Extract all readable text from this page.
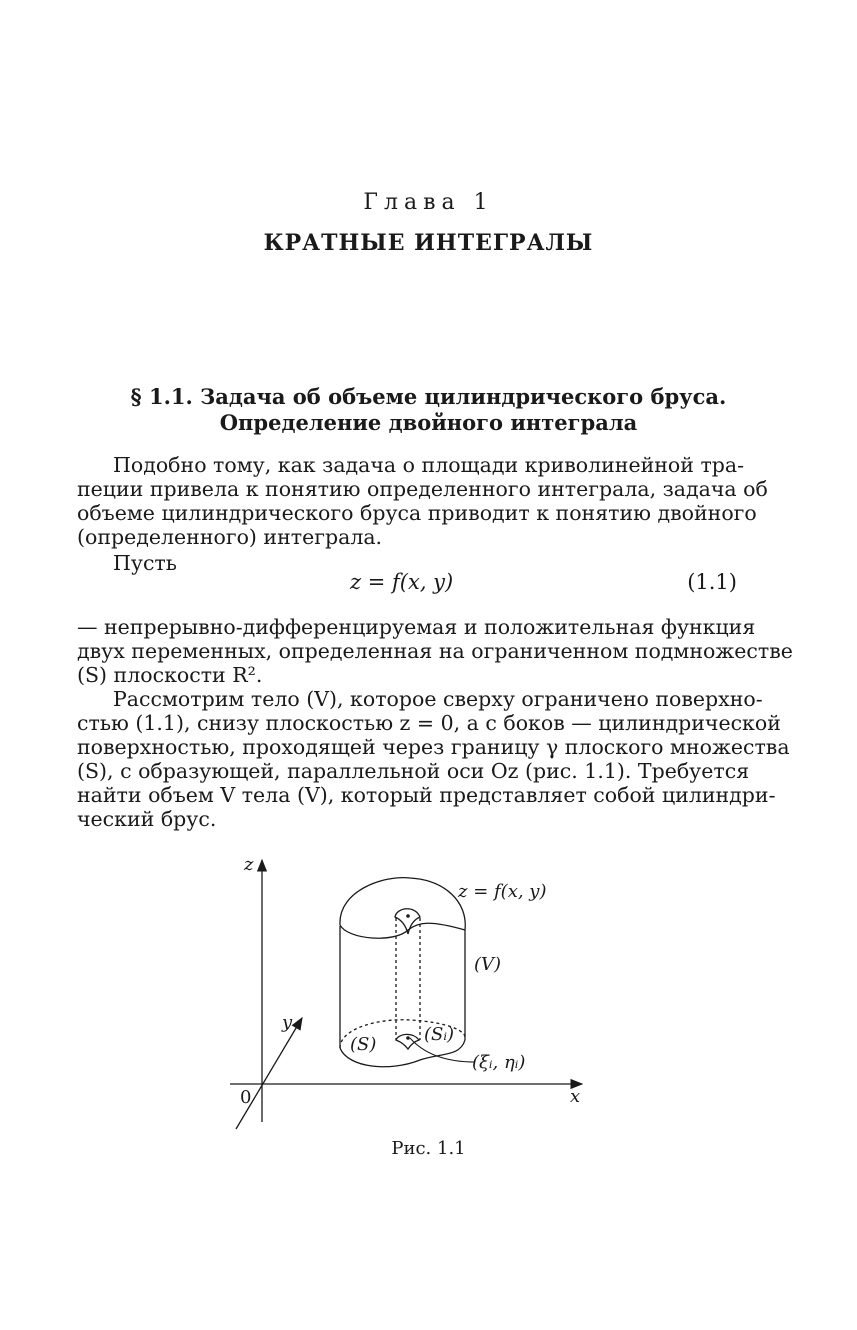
Глава 1
КРАТНЫЕ ИНТЕГРАЛЫ
§ 1.1. Задача об объеме цилиндрического бруса.
Определение двойного интеграла
Подобно тому, как задача о площади криволинейной тра-
пеции привела к понятию определенного интеграла, задача об
объеме цилиндрического бруса приводит к понятию двойного
(определенного) интеграла.
Пусть
z = f(x, y)	(1.1)
— непрерывно-дифференцируемая и положительная функция
двух переменных, определенная на ограниченном подмножестве
(S) плоскости R².
Рассмотрим тело (V), которое сверху ограничено поверхно-
стью (1.1), снизу плоскостью z = 0, а с боков — цилиндрической
поверхностью, проходящей через границу γ плоского множества
(S), с образующей, параллельной оси Oz (рис. 1.1). Требуется
найти объем V тела (V), который представляет собой цилиндри-
ческий брус.
z
y
x
z = f(x, y)
(V)
(S)	(Sᵢ)
(ξᵢ, ηᵢ)
0
Рис. 1.1
